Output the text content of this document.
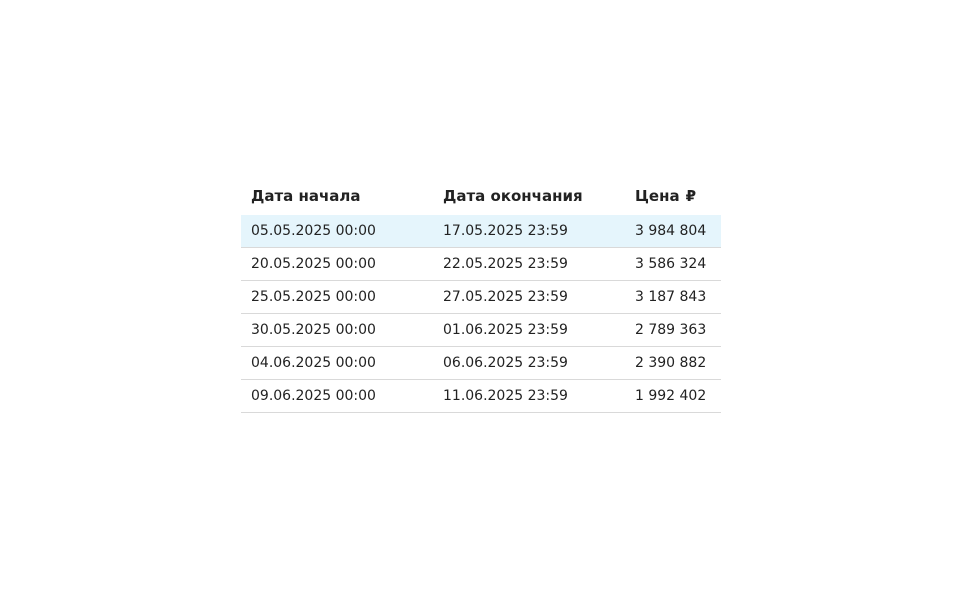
Дата начала	Дата окончания	Цена ₽
05.05.2025 00:00	17.05.2025 23:59	3 984 804
20.05.2025 00:00	22.05.2025 23:59	3 586 324
25.05.2025 00:00	27.05.2025 23:59	3 187 843
30.05.2025 00:00	01.06.2025 23:59	2 789 363
04.06.2025 00:00	06.06.2025 23:59	2 390 882
09.06.2025 00:00	11.06.2025 23:59	1 992 402
